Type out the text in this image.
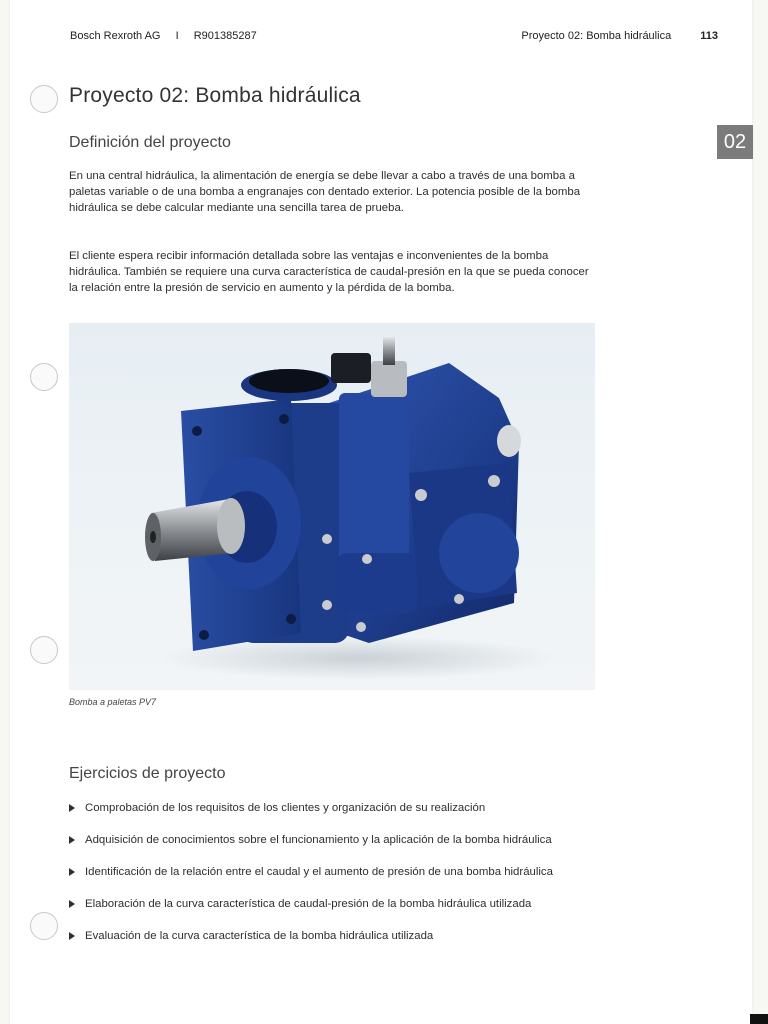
Bosch Rexroth AG I R901385287	Proyecto 02: Bomba hidráulica	113
Proyecto 02: Bomba hidráulica
02
Definición del proyecto

En una central hidráulica, la alimentación de energía se debe llevar a cabo a través de una bomba a paletas variable o de una bomba a engranajes con dentado exterior. La potencia posible de la bomba hidráulica se debe calcular mediante una sencilla tarea de prueba.

El cliente espera recibir información detallada sobre las ventajas e inconvenientes de la bomba hidráulica. También se requiere una curva característica de caudal-presión en la que se pueda conocer la relación entre la presión de servicio en aumento y la pérdida de la bomba.

Bomba a paletas PV7
Ejercicios de proyecto
Comprobación de los requisitos de los clientes y organización de su realización
Adquisición de conocimientos sobre el funcionamiento y la aplicación de la bomba hidráulica
Identificación de la relación entre el caudal y el aumento de presión de una bomba hidráulica
Elaboración de la curva característica de caudal-presión de la bomba hidráulica utilizada
Evaluación de la curva característica de la bomba hidráulica utilizada
